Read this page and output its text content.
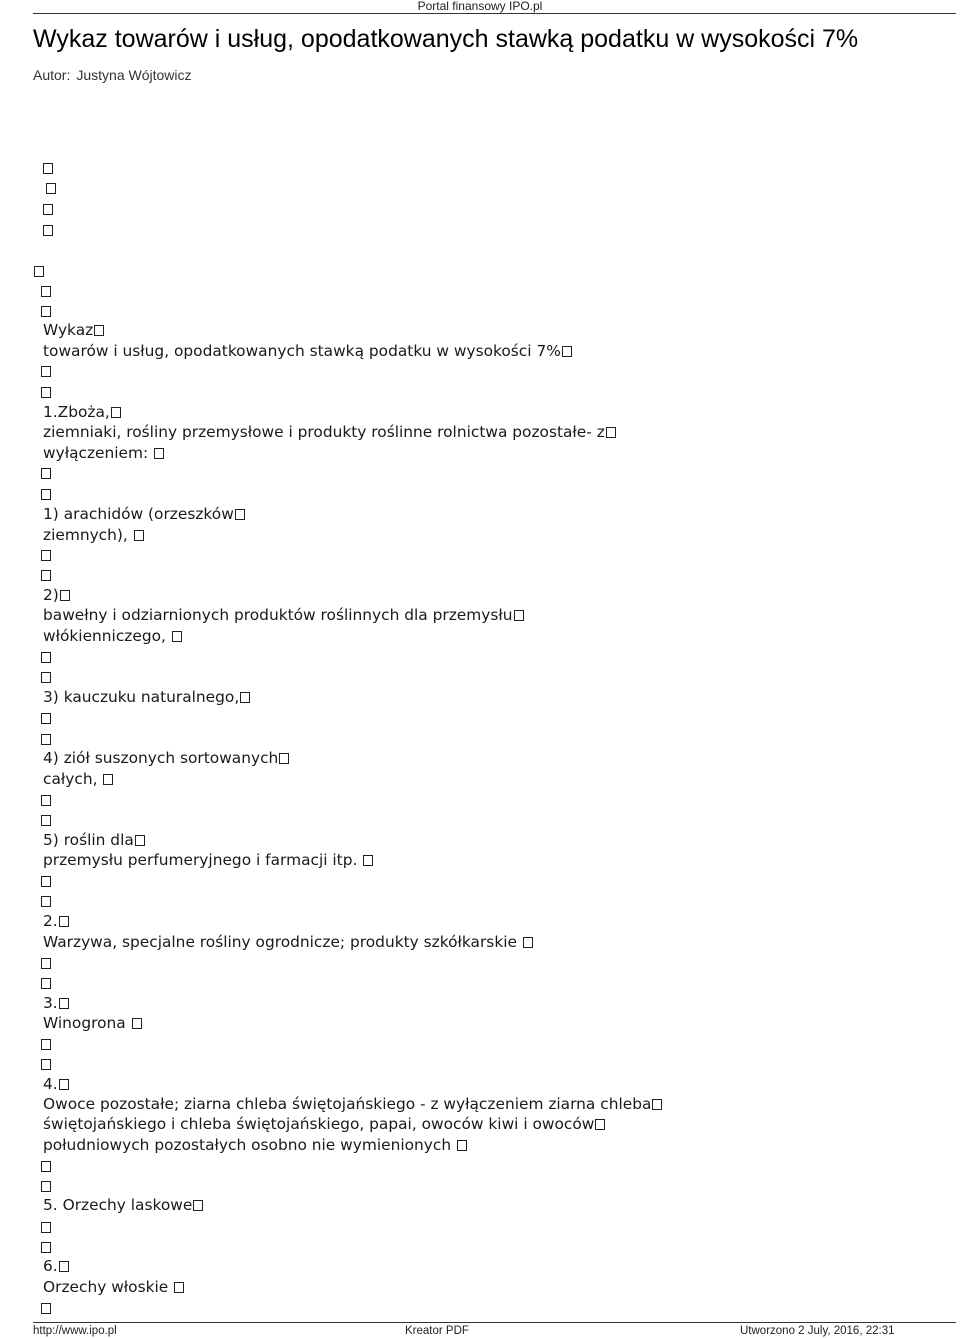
Portal finansowy IPO.pl
Wykaz towarów i usług, opodatkowanych stawką podatku w wysokości 7%
Autor: Justyna Wójtowicz
Wykaz
towarów i usług, opodatkowanych stawką podatku w wysokości 7%
1.Zboża,
ziemniaki, rośliny przemysłowe i produkty roślinne rolnictwa pozostałe- z
wyłączeniem:
1) arachidów (orzeszków
ziemnych),
2)
bawełny i odziarnionych produktów roślinnych dla przemysłu
włókienniczego,
3) kauczuku naturalnego,
4) ziół suszonych sortowanych
całych,
5) roślin dla
przemysłu perfumeryjnego i farmacji itp.
2.
Warzywa, specjalne rośliny ogrodnicze; produkty szkółkarskie
3.
Winogrona
4.
Owoce pozostałe; ziarna chleba świętojańskiego - z wyłączeniem ziarna chleba
świętojańskiego i chleba świętojańskiego, papai, owoców kiwi i owoców
południowych pozostałych osobno nie wymienionych
5. Orzechy laskowe
6.
Orzechy włoskie
http://www.ipo.pl	Kreator PDF	Utworzono 2 July, 2016, 22:31
